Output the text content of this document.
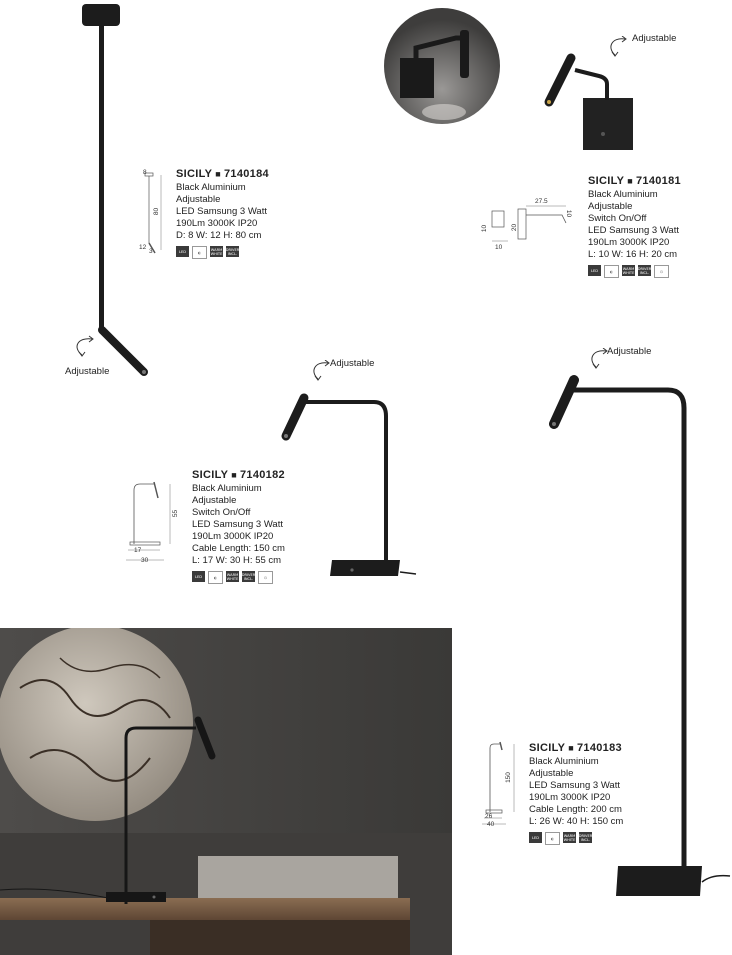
Adjustable
8
80
12
3
SICILY ■ 7140184
Black Aluminium
Adjustable
LED Samsung 3 Watt
190Lm 3000K IP20
D: 8 W: 12 H: 80 cm
LED	◐
WARM WHITE
DRIVER INCL.
Adjustable
10
10
20
27.5
10
SICILY ■ 7140181
Black Aluminium
Adjustable
Switch On/Off
LED Samsung 3 Watt
190Lm 3000K IP20
L: 10 W: 16 H: 20 cm
LED	◐
WARM WHITE
DRIVER INCL.	⏻
Adjustable
55
17
30
SICILY ■ 7140182
Black Aluminium
Adjustable
Switch On/Off
LED Samsung 3 Watt
190Lm 3000K IP20
Cable Length: 150 cm
L: 17 W: 30 H: 55 cm
LED	◐
WARM WHITE
DRIVER INCL.	⏻
Adjustable
150
26
40
SICILY ■ 7140183
Black Aluminium
Adjustable
LED Samsung 3 Watt
190Lm 3000K IP20
Cable Length: 200 cm
L: 26 W: 40 H: 150 cm
LED	◐
WARM WHITE
DRIVER INCL.
